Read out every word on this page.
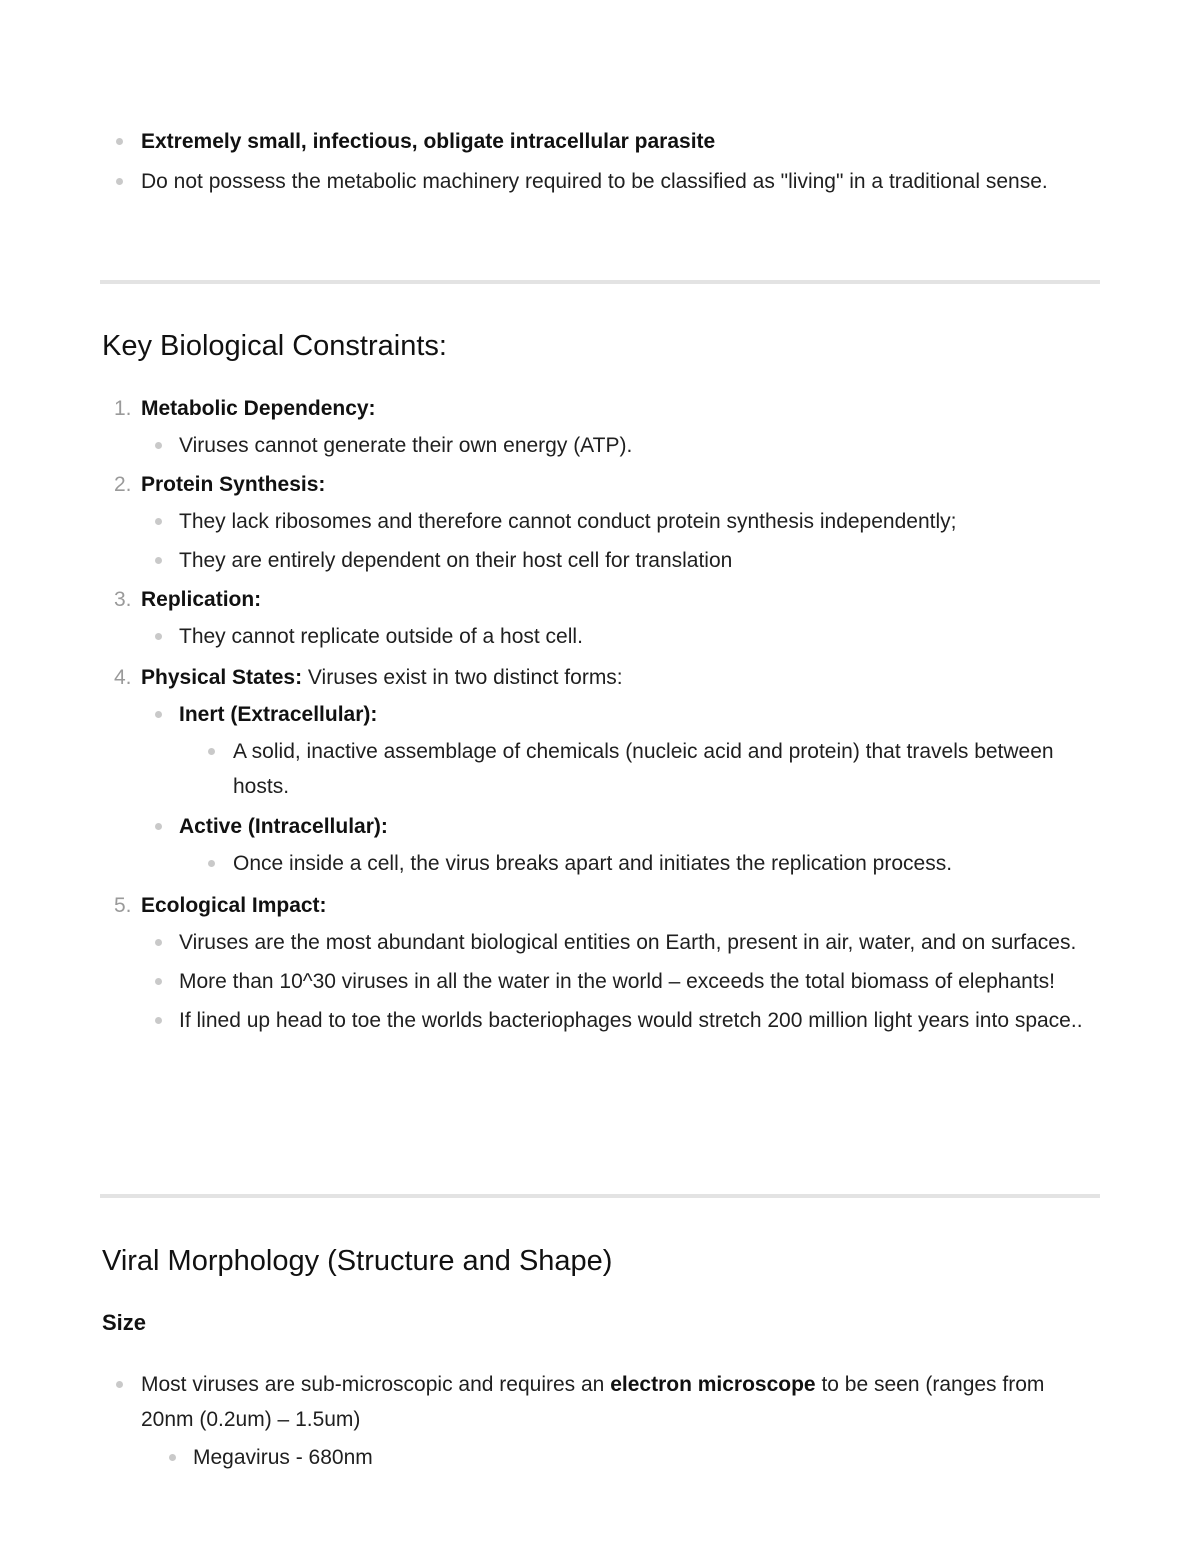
Extremely small, infectious, obligate intracellular parasite
Do not possess the metabolic machinery required to be classified as "living" in a traditional sense.
Key Biological Constraints:
1. Metabolic Dependency:
Viruses cannot generate their own energy (ATP).
2. Protein Synthesis:
They lack ribosomes and therefore cannot conduct protein synthesis independently;
They are entirely dependent on their host cell for translation
3. Replication:
They cannot replicate outside of a host cell.
4. Physical States: Viruses exist in two distinct forms:
Inert (Extracellular):
A solid, inactive assemblage of chemicals (nucleic acid and protein) that travels between hosts.
Active (Intracellular):
Once inside a cell, the virus breaks apart and initiates the replication process.
5. Ecological Impact:
Viruses are the most abundant biological entities on Earth, present in air, water, and on surfaces.
More than 10^30 viruses in all the water in the world – exceeds the total biomass of elephants!
If lined up head to toe the worlds bacteriophages would stretch 200 million light years into space..
Viral Morphology (Structure and Shape)
Size
Most viruses are sub-microscopic and requires an electron microscope to be seen (ranges from 20nm (0.2um) – 1.5um)
Megavirus - 680nm
